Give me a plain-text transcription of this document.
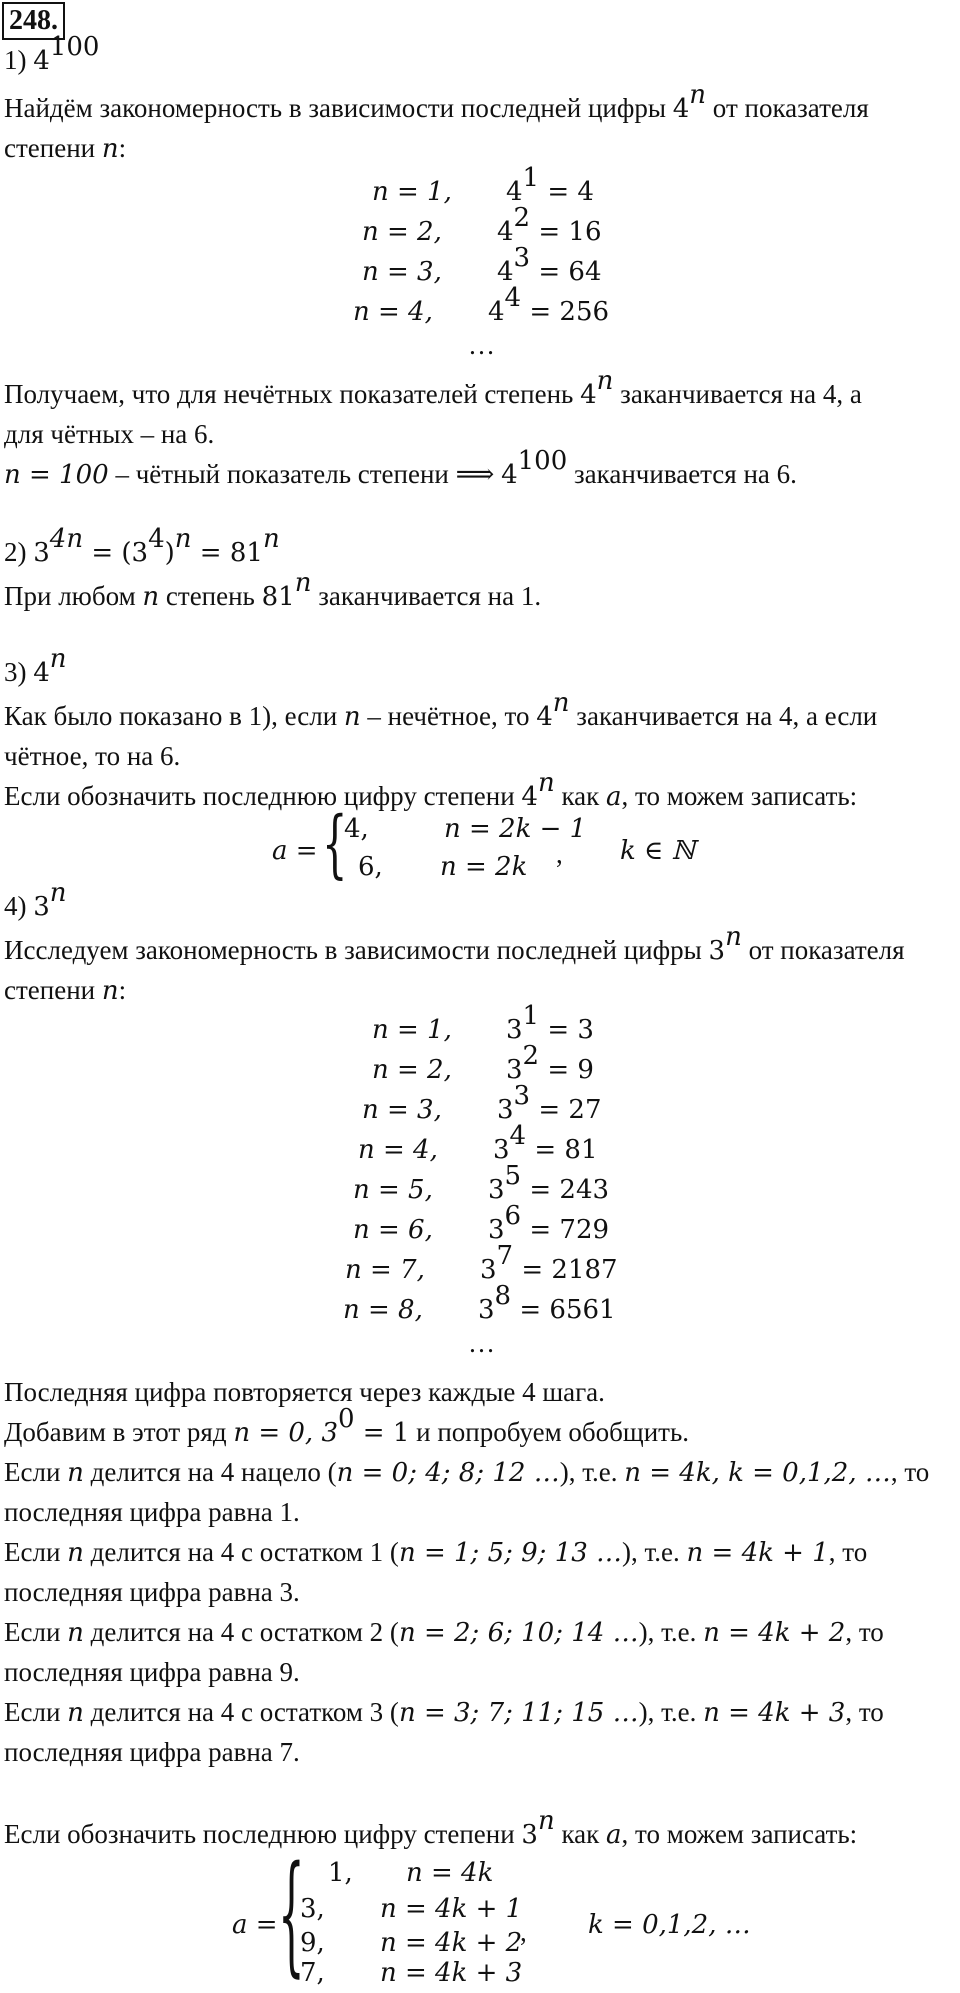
248.
1) $4^{100}$
Найдём закономерность в зависимости последней цифры 4$^n$ от показателя
степени n:
n = 1, $4^1 = 4$
n = 2, $4^2 = 16$
n = 3, $4^3 = 64$
n = 4, $4^4 = 256$
…
Получаем, что для нечётных показателей степень 4$^n$ заканчивается на 4, а
для чётных – на 6.
n = 100 – чётный показатель степени ⟹ $4^{100}$ заканчивается на 6.
2) $3^{4n} = (3^4)^n = 81^n$
При любом n степень 81$^n$ заканчивается на 1.
3) 4$^n$
Как было показано в 1), если n – нечётное, то 4$^n$ заканчивается на 4, а если
чётное, то на 6.
Если обозначить последнюю цифру степени 4$^n$ как a, то можем записать:
a = {
4,	n = 2k − 1
6, n = 2k , k ∈ ℕ
4) 3$^n$
Исследуем закономерность в зависимости последней цифры 3$^n$ от показателя
степени n:
n = 1, $3^1 = 3$
n = 2, $3^2 = 9$
n = 3, $3^3 = 27$
n = 4, $3^4 = 81$
n = 5, $3^5 = 243$
n = 6, $3^6 = 729$
n = 7, $3^7 = 2187$
n = 8, $3^8 = 6561$
…
Последняя цифра повторяется через каждые 4 шага.
Добавим в этот ряд n = 0, $3^0 = 1$ и попробуем обобщить.
Если n делится на 4 нацело (n = 0; 4; 8; 12 …), т.е. n = 4k, k = 0,1,2, …, то
последняя цифра равна 1.
Если n делится на 4 с остатком 1 (n = 1; 5; 9; 13 …), т.е. n = 4k + 1, то
последняя цифра равна 3.
Если n делится на 4 с остатком 2 (n = 2; 6; 10; 14 …), т.е. n = 4k + 2, то
последняя цифра равна 9.
Если n делится на 4 с остатком 3 (n = 3; 7; 11; 15 …), т.е. n = 4k + 3, то
последняя цифра равна 7.
Если обозначить последнюю цифру степени 3$^n$ как a, то можем записать:
a = { 1, n = 4k
3, n = 4k + 1
9, n = 4k + 2
7, n = 4k + 3
, k = 0,1,2, …
